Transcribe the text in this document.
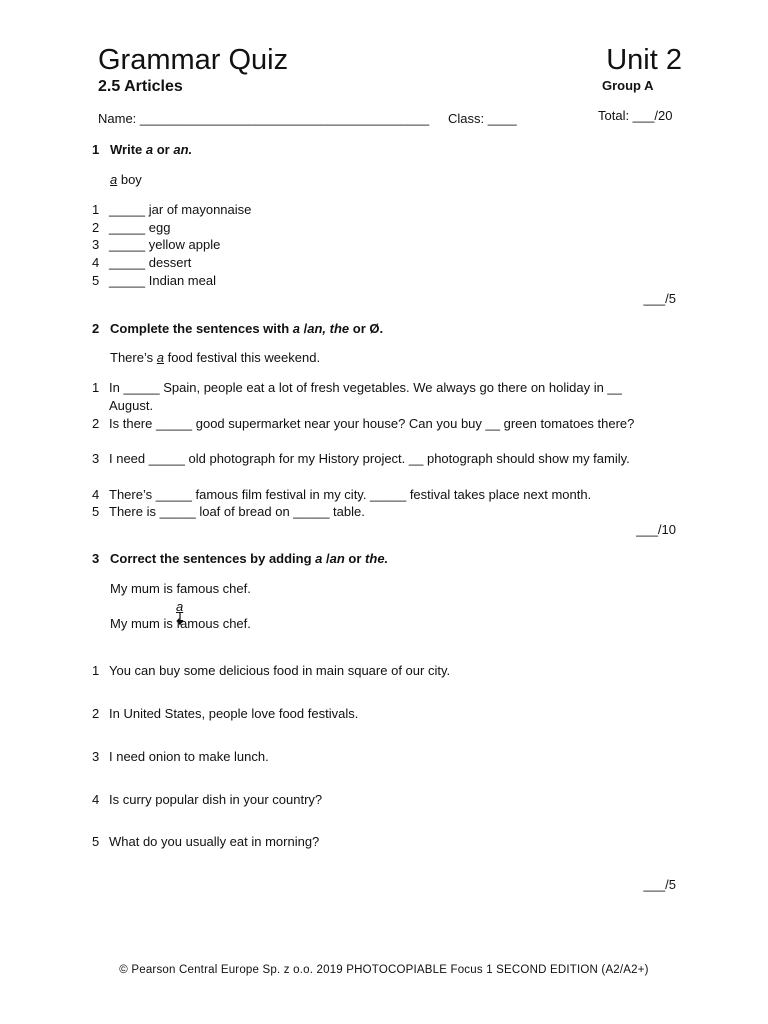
Grammar Quiz
2.5 Articles
Unit 2
Group A
Name: ________________________________________ Class: ____	Total: ___/20
1 Write a or an.
a boy
1 _____ jar of mayonnaise
2 _____ egg
3 _____ yellow apple
4 _____ dessert
5 _____ Indian meal
___/5
2 Complete the sentences with a /an, the or Ø.
There’s a food festival this weekend.
1 In _____ Spain, people eat a lot of fresh vegetables. We always go there on holiday in __ August.
2 Is there _____ good supermarket near your house? Can you buy __ green tomatoes there?
3 I need _____ old photograph for my History project. __ photograph should show my family.
4 There’s _____ famous film festival in my city. _____ festival takes place next month.
5 There is _____ loaf of bread on _____ table.
___/10
3 Correct the sentences by adding a /an or the.
My mum is famous chef.
a
My mum is famous chef.
1 You can buy some delicious food in main square of our city.
2 In United States, people love food festivals.
3 I need onion to make lunch.
4 Is curry popular dish in your country?
5 What do you usually eat in morning?
___/5
© Pearson Central Europe Sp. z o.o. 2019 PHOTOCOPIABLE Focus 1 SECOND EDITION (A2/A2+)
